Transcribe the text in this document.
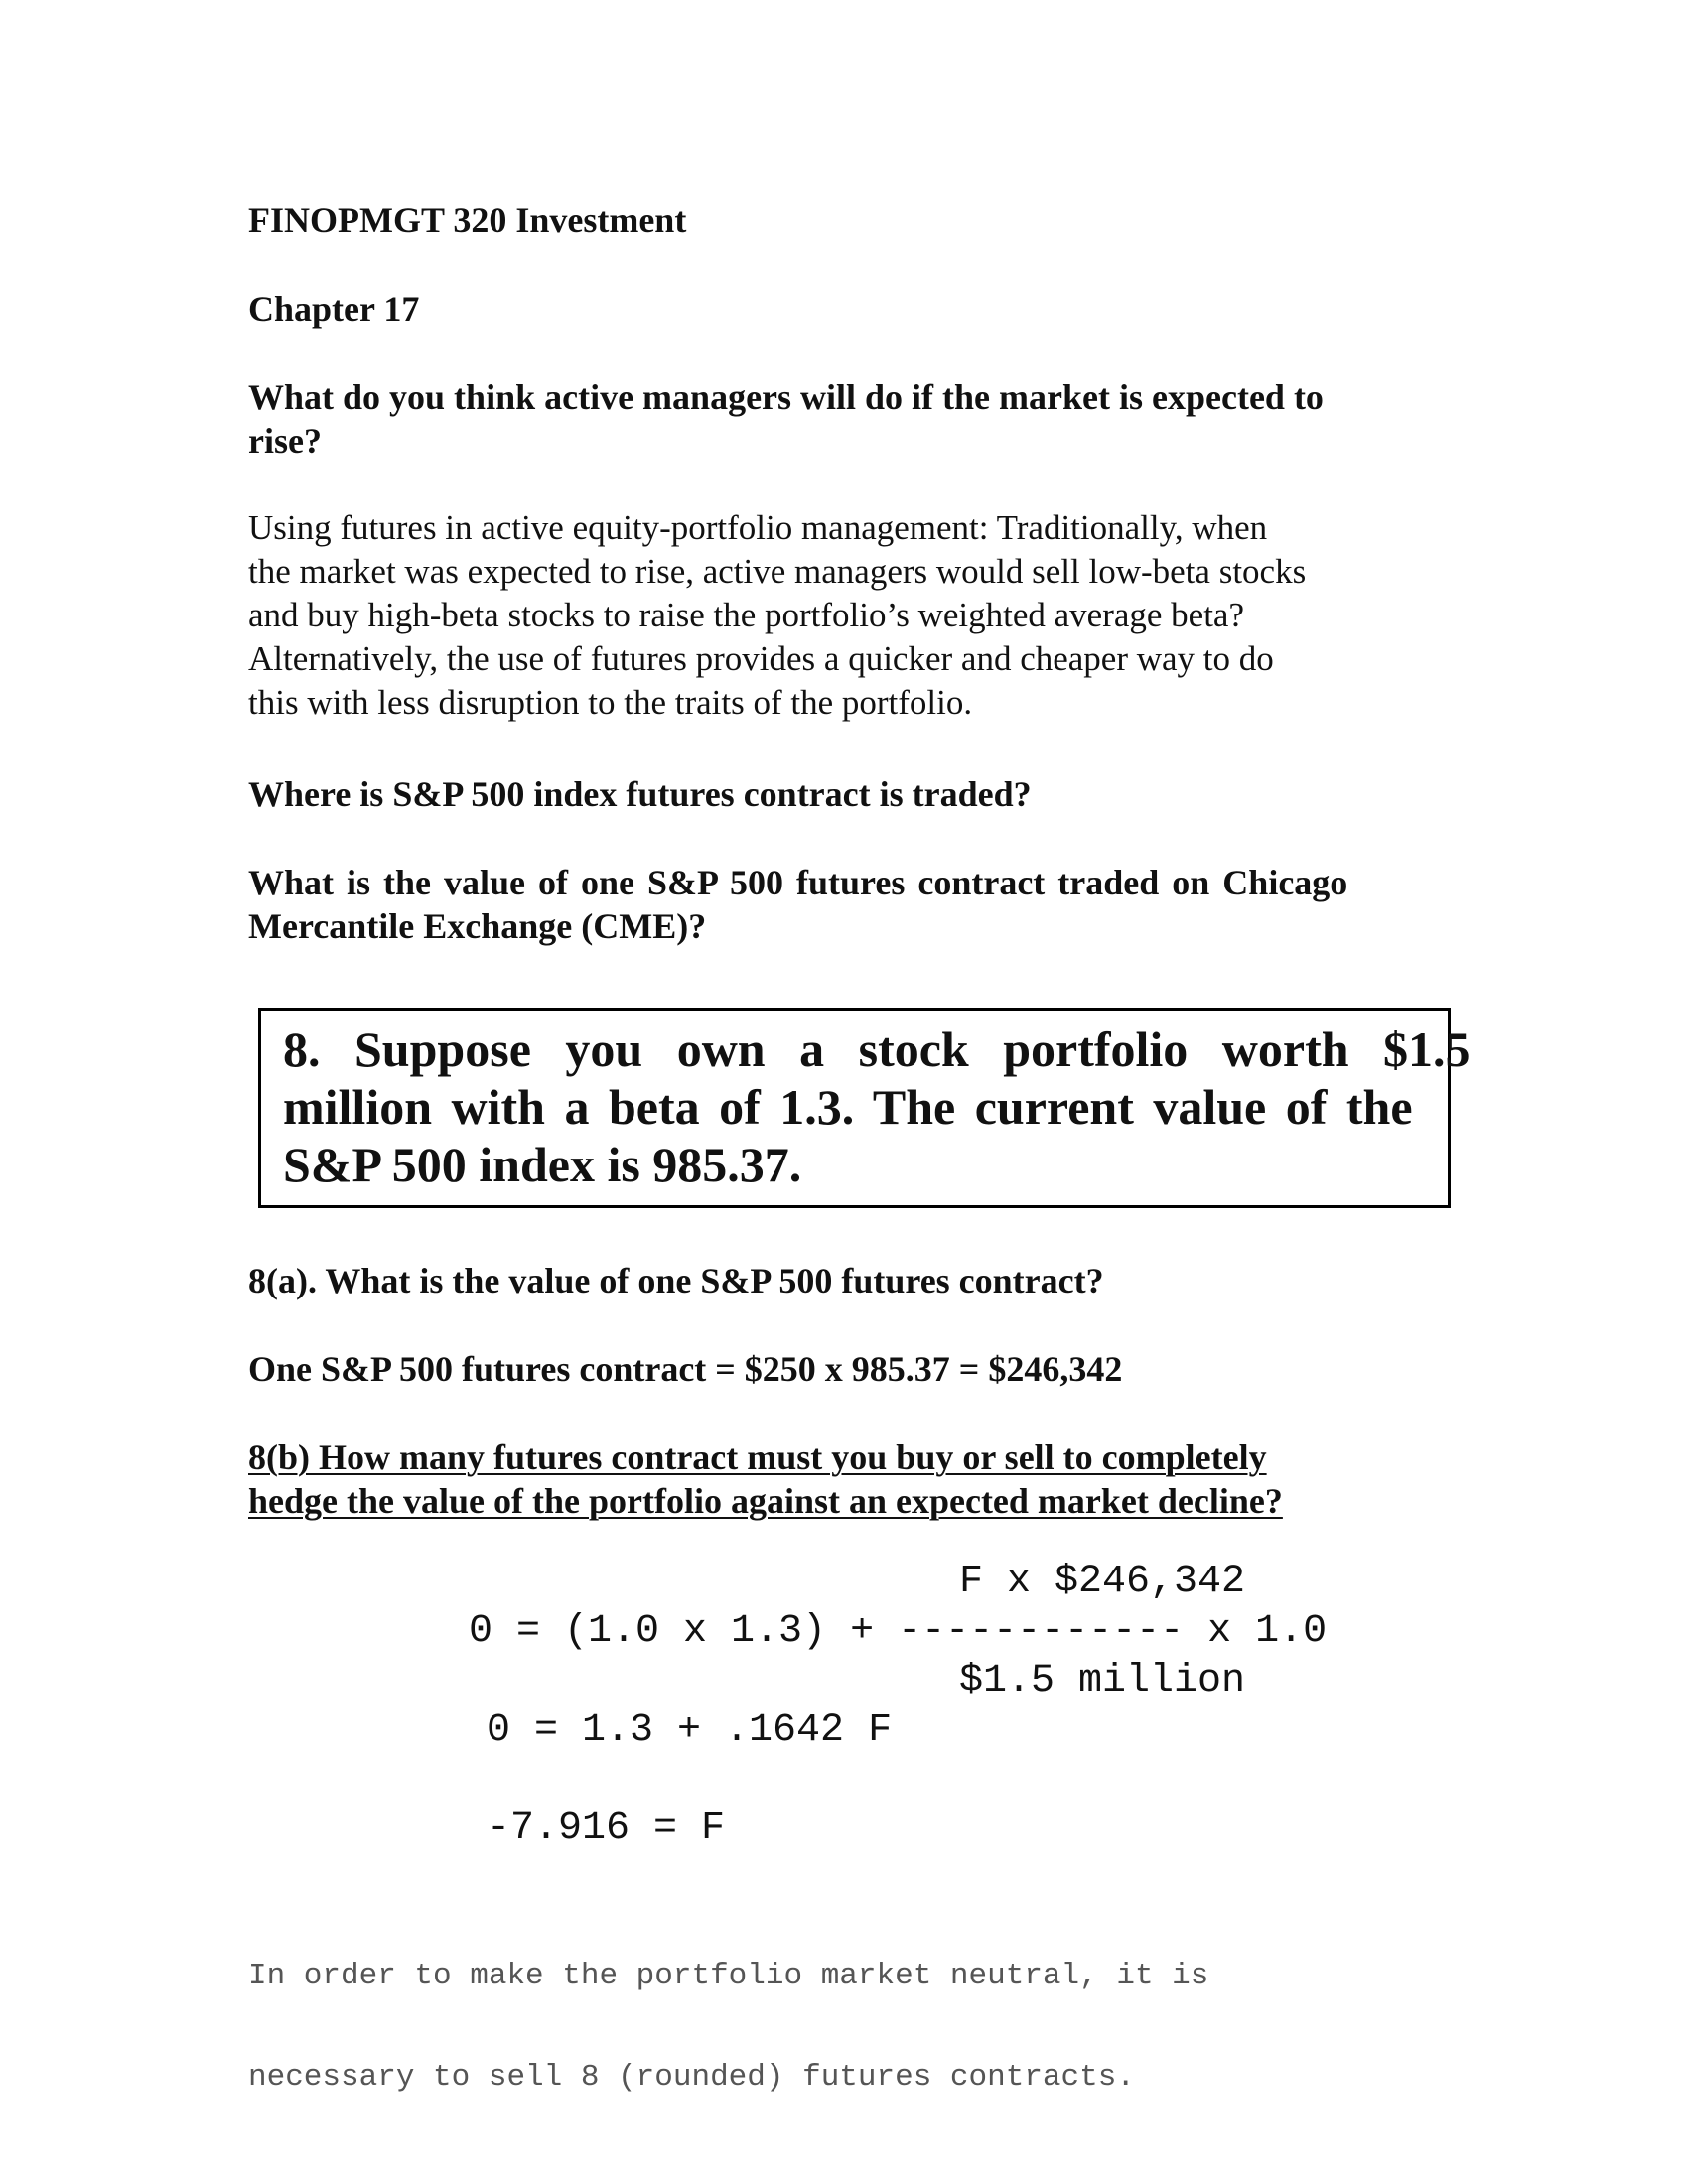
FINOPMGT 320 Investment

Chapter 17

What do you think active managers will do if the market is expected to
rise?
Using futures in active equity-portfolio management: Traditionally, when
the market was expected to rise, active managers would sell low-beta stocks
and buy high-beta stocks to raise the portfolio’s weighted average beta?
Alternatively, the use of futures provides a quicker and cheaper way to do
this with less disruption to the traits of the portfolio.

Where is S&P 500 index futures contract is traded?

What is the value of one S&P 500 futures contract traded on Chicago
Mercantile Exchange (CME)?
8. Suppose you own a stock portfolio worth $1.5
million with a beta of 1.3. The current value of the
S&P 500 index is 985.37.

8(a). What is the value of one S&P 500 futures contract?

One S&P 500 futures contract = $250 x 985.37 = $246,342

8(b) How many futures contract must you buy or sell to completely
hedge the value of the portfolio against an expected market decline?
F x $246,342
0 = (1.0 x 1.3) + ------------ x 1.0
$1.5 million
0 = 1.3 + .1642 F
-7.916 = F

In order to make the portfolio market neutral, it is

necessary to sell 8 (rounded) futures contracts.
